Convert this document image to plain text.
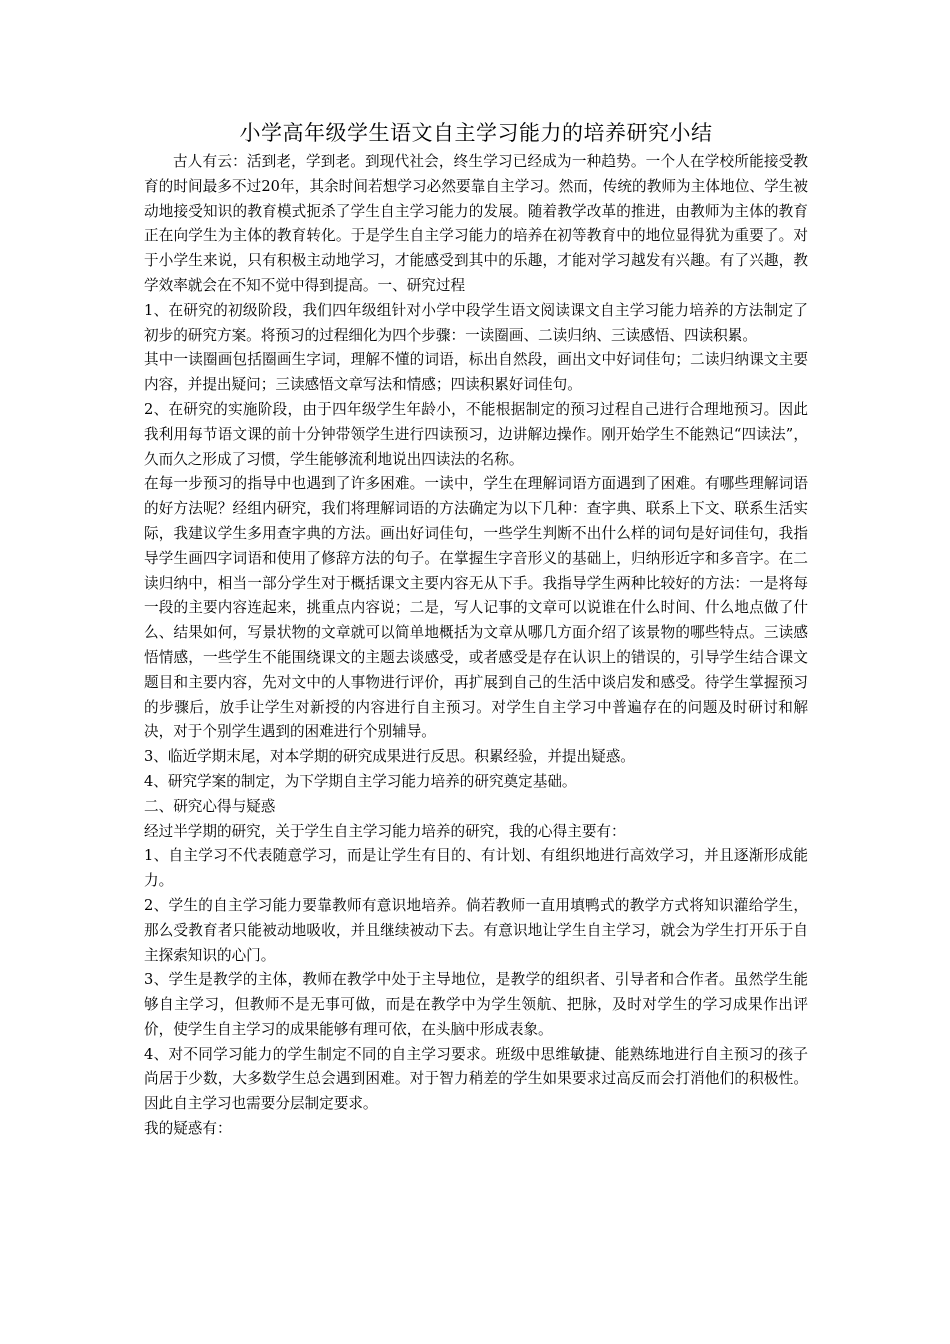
小学高年级学生语文自主学习能力的培养研究小结

古人有云：活到老，学到老。到现代社会，终生学习已经成为一种趋势。一个人在学校所能接受教育的时间最多不过20年，其余时间若想学习必然要靠自主学习。然而，传统的教师为主体地位、学生被动地接受知识的教育模式扼杀了学生自主学习能力的发展。随着教学改革的推进，由教师为主体的教育正在向学生为主体的教育转化。于是学生自主学习能力的培养在初等教育中的地位显得犹为重要了。对于小学生来说，只有积极主动地学习，才能感受到其中的乐趣，才能对学习越发有兴趣。有了兴趣，教学效率就会在不知不觉中得到提高。一、研究过程

1、在研究的初级阶段，我们四年级组针对小学中段学生语文阅读课文自主学习能力培养的方法制定了初步的研究方案。将预习的过程细化为四个步骤：一读圈画、二读归纳、三读感悟、四读积累。

其中一读圈画包括圈画生字词，理解不懂的词语，标出自然段，画出文中好词佳句；二读归纳课文主要内容，并提出疑问；三读感悟文章写法和情感；四读积累好词佳句。

2、在研究的实施阶段，由于四年级学生年龄小，不能根据制定的预习过程自己进行合理地预习。因此我利用每节语文课的前十分钟带领学生进行四读预习，边讲解边操作。刚开始学生不能熟记“四读法”，久而久之形成了习惯，学生能够流利地说出四读法的名称。

在每一步预习的指导中也遇到了许多困难。一读中，学生在理解词语方面遇到了困难。有哪些理解词语的好方法呢？经组内研究，我们将理解词语的方法确定为以下几种：查字典、联系上下文、联系生活实际，我建议学生多用查字典的方法。画出好词佳句，一些学生判断不出什么样的词句是好词佳句，我指导学生画四字词语和使用了修辞方法的句子。在掌握生字音形义的基础上，归纳形近字和多音字。在二读归纳中，相当一部分学生对于概括课文主要内容无从下手。我指导学生两种比较好的方法：一是将每一段的主要内容连起来，挑重点内容说；二是，写人记事的文章可以说谁在什么时间、什么地点做了什么、结果如何，写景状物的文章就可以简单地概括为文章从哪几方面介绍了该景物的哪些特点。三读感悟情感，一些学生不能围绕课文的主题去谈感受，或者感受是存在认识上的错误的，引导学生结合课文题目和主要内容，先对文中的人事物进行评价，再扩展到自己的生活中谈启发和感受。待学生掌握预习的步骤后，放手让学生对新授的内容进行自主预习。对学生自主学习中普遍存在的问题及时研讨和解决，对于个别学生遇到的困难进行个别辅导。

3、临近学期末尾，对本学期的研究成果进行反思。积累经验，并提出疑惑。

4、研究学案的制定，为下学期自主学习能力培养的研究奠定基础。

二、研究心得与疑惑

经过半学期的研究，关于学生自主学习能力培养的研究，我的心得主要有：

1、自主学习不代表随意学习，而是让学生有目的、有计划、有组织地进行高效学习，并且逐渐形成能力。

2、学生的自主学习能力要靠教师有意识地培养。倘若教师一直用填鸭式的教学方式将知识灌给学生，那么受教育者只能被动地吸收，并且继续被动下去。有意识地让学生自主学习，就会为学生打开乐于自主探索知识的心门。

3、学生是教学的主体，教师在教学中处于主导地位，是教学的组织者、引导者和合作者。虽然学生能够自主学习，但教师不是无事可做，而是在教学中为学生领航、把脉，及时对学生的学习成果作出评价，使学生自主学习的成果能够有理可依，在头脑中形成表象。

4、对不同学习能力的学生制定不同的自主学习要求。班级中思维敏捷、能熟练地进行自主预习的孩子尚居于少数，大多数学生总会遇到困难。对于智力稍差的学生如果要求过高反而会打消他们的积极性。因此自主学习也需要分层制定要求。

我的疑惑有：
